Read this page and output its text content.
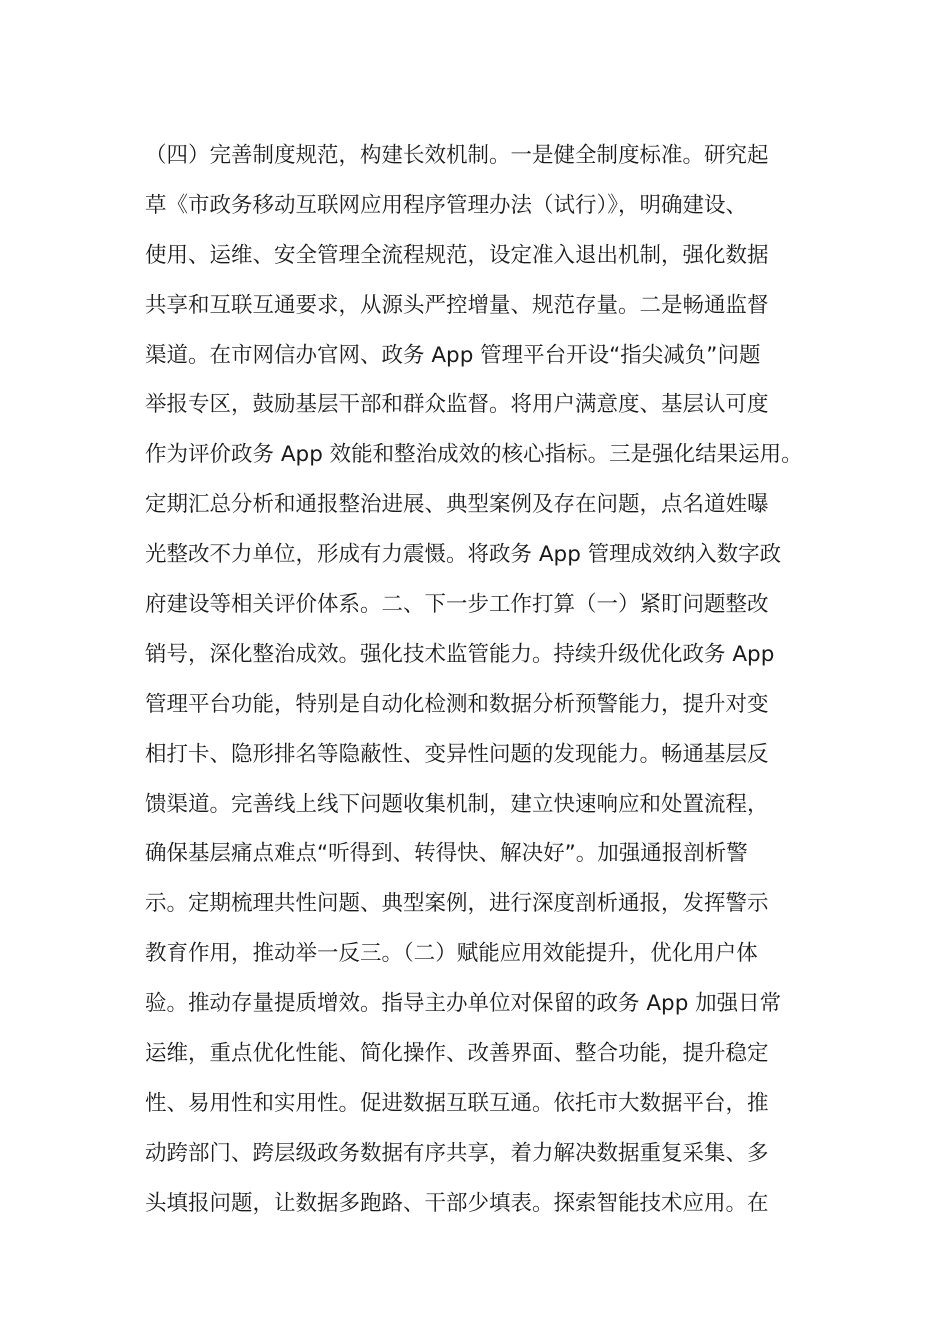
（四）完善制度规范，构建长效机制。一是健全制度标准。研究起
草《市政务移动互联网应用程序管理办法（试行）》，明确建设、
使用、运维、安全管理全流程规范，设定准入退出机制，强化数据
共享和互联互通要求，从源头严控增量、规范存量。二是畅通监督
渠道。在市网信办官网、政务 App 管理平台开设“指尖减负”问题
举报专区，鼓励基层干部和群众监督。将用户满意度、基层认可度
作为评价政务 App 效能和整治成效的核心指标。三是强化结果运用。
定期汇总分析和通报整治进展、典型案例及存在问题，点名道姓曝
光整改不力单位，形成有力震慑。将政务 App 管理成效纳入数字政
府建设等相关评价体系。二、下一步工作打算（一）紧盯问题整改
销号，深化整治成效。强化技术监管能力。持续升级优化政务 App
管理平台功能，特别是自动化检测和数据分析预警能力，提升对变
相打卡、隐形排名等隐蔽性、变异性问题的发现能力。畅通基层反
馈渠道。完善线上线下问题收集机制，建立快速响应和处置流程，
确保基层痛点难点“听得到、转得快、解决好”。加强通报剖析警
示。定期梳理共性问题、典型案例，进行深度剖析通报，发挥警示
教育作用，推动举一反三。（二）赋能应用效能提升，优化用户体
验。推动存量提质增效。指导主办单位对保留的政务 App 加强日常
运维，重点优化性能、简化操作、改善界面、整合功能，提升稳定
性、易用性和实用性。促进数据互联互通。依托市大数据平台，推
动跨部门、跨层级政务数据有序共享，着力解决数据重复采集、多
头填报问题，让数据多跑路、干部少填表。探索智能技术应用。在
